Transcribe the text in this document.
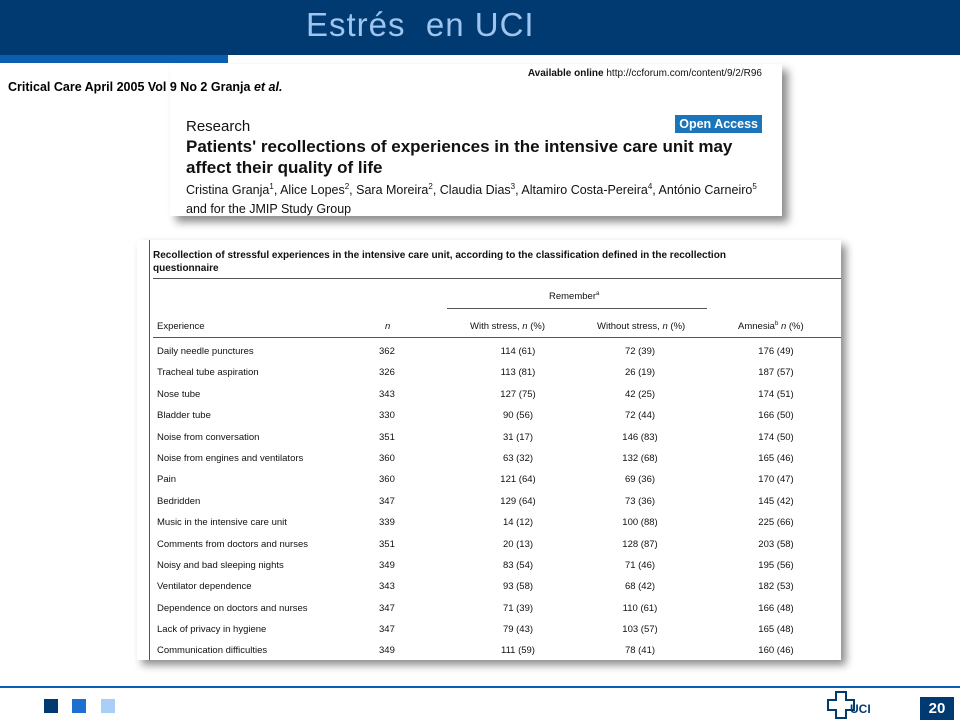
Estrés  en UCI
Critical Care April 2005 Vol 9 No 2 Granja et al.
Available online http://ccforum.com/content/9/2/R96
Research	Open Access
Patients' recollections of experiences in the intensive care unit may affect their quality of life
Cristina Granja$^1$, Alice Lopes$^2$, Sara Moreira$^2$, Claudia Dias$^3$, Altamiro Costa-Pereira$^4$, António Carneiro$^5$ and for the JMIP Study Group
Recollection of stressful experiences in the intensive care unit, according to the classification defined in the recollection questionnaire
Remember$^a$
Experience	n	With stress, n (%)	Without stress, n (%)	Amnesia$^b$ n (%)
Daily needle punctures	362	114 (61)	72 (39)	176 (49)
Tracheal tube aspiration	326	113 (81)	26 (19)	187 (57)
Nose tube	343	127 (75)	42 (25)	174 (51)
Bladder tube	330	90 (56)	72 (44)	166 (50)
Noise from conversation	351	31 (17)	146 (83)	174 (50)
Noise from engines and ventilators	360	63 (32)	132 (68)	165 (46)
Pain	360	121 (64)	69 (36)	170 (47)
Bedridden	347	129 (64)	73 (36)	145 (42)
Music in the intensive care unit	339	14 (12)	100 (88)	225 (66)
Comments from doctors and nurses	351	20 (13)	128 (87)	203 (58)
Noisy and bad sleeping nights	349	83 (54)	71 (46)	195 (56)
Ventilator dependence	343	93 (58)	68 (42)	182 (53)
Dependence on doctors and nurses	347	71 (39)	110 (61)	166 (48)
Lack of privacy in hygiene	347	79 (43)	103 (57)	165 (48)
Communication difficulties	349	111 (59)	78 (41)	160 (46)
UCI	20
